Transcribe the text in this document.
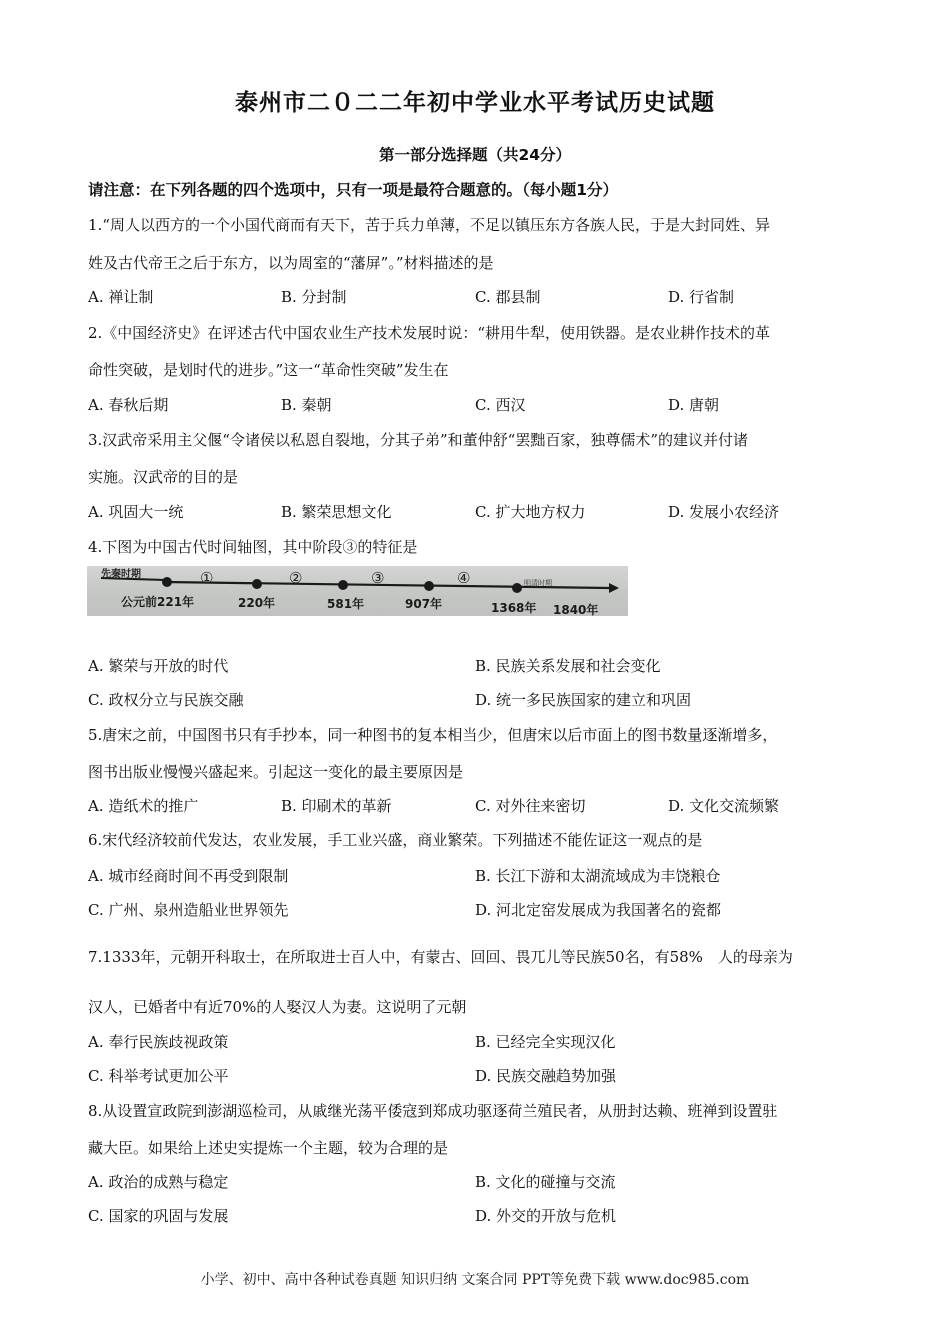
泰州市二０二二年初中学业水平考试历史试题
第一部分选择题（共24分）
请注意：在下列各题的四个选项中，只有一项是最符合题意的。（每小题1分）
1.“周人以西方的一个小国代商而有天下，苦于兵力单薄，不足以镇压东方各族人民，于是大封同姓、异
姓及古代帝王之后于东方，以为周室的“藩屏”。”材料描述的是
A. 禅让制	B. 分封制	C. 郡县制	D. 行省制
2.《中国经济史》在评述古代中国农业生产技术发展时说：“耕用牛犁，使用铁器。是农业耕作技术的革
命性突破，是划时代的进步。”这一“革命性突破”发生在
A. 春秋后期	B. 秦朝	C. 西汉	D. 唐朝
3.汉武帝采用主父偃“令诸侯以私恩自裂地，分其子弟”和董仲舒“罢黜百家，独尊儒术”的建议并付诸
实施。汉武帝的目的是
A. 巩固大一统	B. 繁荣思想文化	C. 扩大地方权力	D. 发展小农经济
4.下图为中国古代时间轴图，其中阶段③的特征是
先秦时期	①	②	③	④	明清时期
公元前221年	220年	581年	907年	1368年 1840年
A. 繁荣与开放的时代	B. 民族关系发展和社会变化
C. 政权分立与民族交融	D. 统一多民族国家的建立和巩固
5.唐宋之前，中国图书只有手抄本，同一种图书的复本相当少，但唐宋以后市面上的图书数量逐渐增多，
图书出版业慢慢兴盛起来。引起这一变化的最主要原因是
A. 造纸术的推广	B. 印刷术的革新	C. 对外往来密切	D. 文化交流频繁
6.宋代经济较前代发达，农业发展，手工业兴盛，商业繁荣。下列描述不能佐证这一观点的是
A. 城市经商时间不再受到限制	B. 长江下游和太湖流域成为丰饶粮仓
C. 广州、泉州造船业世界领先	D. 河北定窑发展成为我国著名的瓷都
7.1333年，元朝开科取士，在所取进士百人中，有蒙古、回回、畏兀儿等民族50名，有58%　人的母亲为
汉人，已婚者中有近70%的人娶汉人为妻。这说明了元朝
A. 奉行民族歧视政策	B. 已经完全实现汉化
C. 科举考试更加公平	D. 民族交融趋势加强
8.从设置宣政院到澎湖巡检司，从戚继光荡平倭寇到郑成功驱逐荷兰殖民者，从册封达赖、班禅到设置驻
藏大臣。如果给上述史实提炼一个主题，较为合理的是
A. 政治的成熟与稳定	B. 文化的碰撞与交流
C. 国家的巩固与发展	D. 外交的开放与危机
小学、初中、高中各种试卷真题 知识归纳 文案合同 PPT等免费下载 www.doc985.com
